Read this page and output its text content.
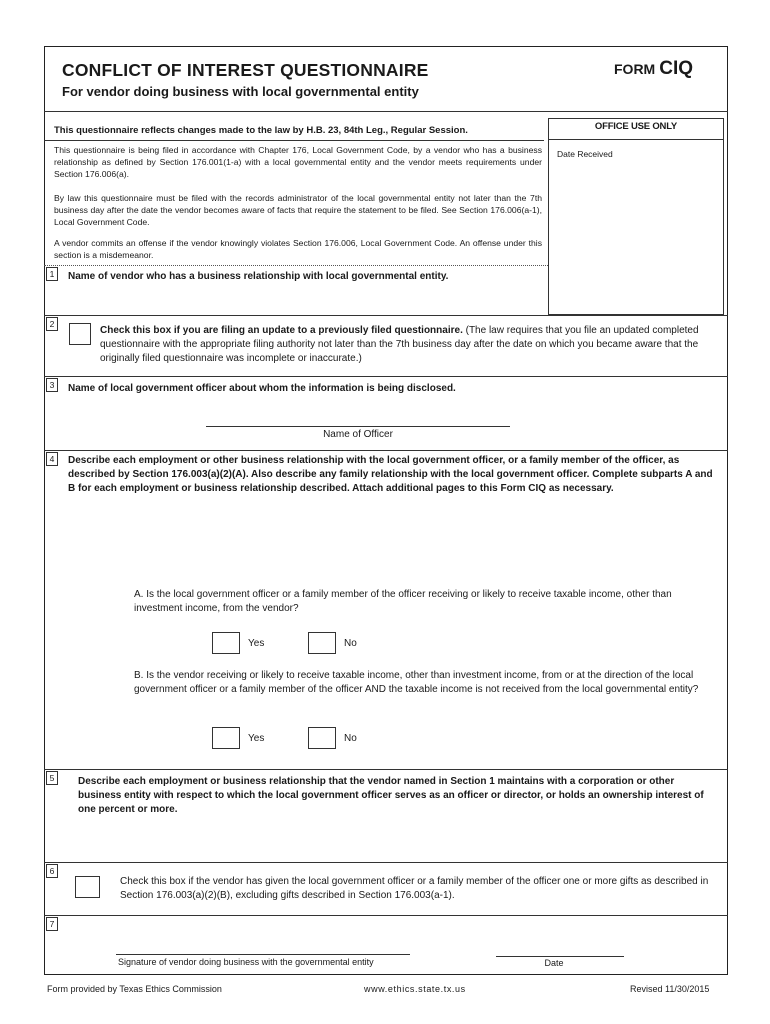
CONFLICT OF INTEREST QUESTIONNAIRE	FORM CIQ
For vendor doing business with local governmental entity
This questionnaire reflects changes made to the law by H.B. 23, 84th Leg., Regular Session.
This questionnaire is being filed in accordance with Chapter 176, Local Government Code, by a vendor who has a business relationship as defined by Section 176.001(1-a) with a local governmental entity and the vendor meets requirements under Section 176.006(a).
By law this questionnaire must be filed with the records administrator of the local governmental entity not later than the 7th business day after the date the vendor becomes aware of facts that require the statement to be filed. See Section 176.006(a-1), Local Government Code.
A vendor commits an offense if the vendor knowingly violates Section 176.006, Local Government Code. An offense under this section is a misdemeanor.
OFFICE USE ONLY
Date Received
1	Name of vendor who has a business relationship with local governmental entity.
2
Check this box if you are filing an update to a previously filed questionnaire. (The law requires that you file an updated completed questionnaire with the appropriate filing authority not later than the 7th business day after the date on which you became aware that the originally filed questionnaire was incomplete or inaccurate.)
3	Name of local government officer about whom the information is being disclosed.
Name of Officer
4	Describe each employment or other business relationship with the local government officer, or a family member of the officer, as described by Section 176.003(a)(2)(A). Also describe any family relationship with the local government officer. Complete subparts A and B for each employment or business relationship described. Attach additional pages to this Form CIQ as necessary.
A. Is the local government officer or a family member of the officer receiving or likely to receive taxable income, other than investment income, from the vendor?
Yes	No
B. Is the vendor receiving or likely to receive taxable income, other than investment income, from or at the direction of the local government officer or a family member of the officer AND the taxable income is not received from the local governmental entity?
Yes	No
5	Describe each employment or business relationship that the vendor named in Section 1 maintains with a corporation or other business entity with respect to which the local government officer serves as an officer or director, or holds an ownership interest of one percent or more.
6
Check this box if the vendor has given the local government officer or a family member of the officer one or more gifts as described in Section 176.003(a)(2)(B), excluding gifts described in Section 176.003(a-1).
7
Signature of vendor doing business with the governmental entity	Date
Form provided by Texas Ethics Commission	www.ethics.state.tx.us	Revised 11/30/2015
